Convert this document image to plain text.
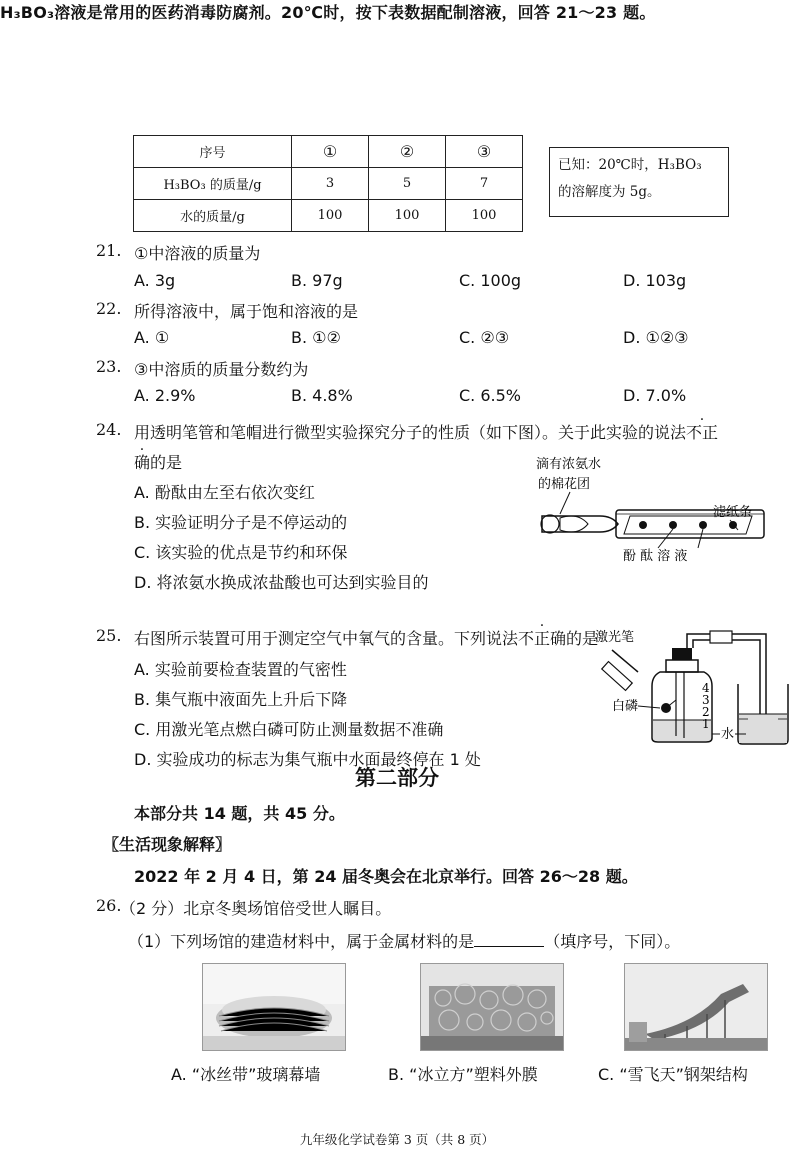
H₃BO₃溶液是常用的医药消毒防腐剂。20℃时，按下表数据配制溶液，回答 21～23 题。
序号	①	②	③
H₃BO₃ 的质量/g	3	5	7
水的质量/g	100	100	100
已知：20℃时，H₃BO₃
的溶解度为 5g。
21. ①中溶液的质量为
A. 3g	B. 97g	C. 100g	D. 103g
22. 所得溶液中，属于饱和溶液的是
A. ①	B. ①②	C. ②③	D. ①②③
23. ③中溶质的质量分数约为
A. 2.9%	B. 4.8%	C. 6.5%	D. 7.0%
24. 用透明笔管和笔帽进行微型实验探究分子的性质（如下图）。关于此实验的说法不正
确的是
A. 酚酞由左至右依次变红
B. 实验证明分子是不停运动的
C. 该实验的优点是节约和环保
D. 将浓氨水换成浓盐酸也可达到实验目的
滴有浓氨水
的棉花团
滤纸条
酚 酞 溶 液
25. 右图所示装置可用于测定空气中氧气的含量。下列说法不正确的是
A. 实验前要检查装置的气密性
B. 集气瓶中液面先上升后下降
C. 用激光笔点燃白磷可防止测量数据不准确
D. 实验成功的标志为集气瓶中水面最终停在 1 处
激光笔
4
3
2
1
白磷
水
第二部分
本部分共 14 题，共 45 分。
〖生活现象解释〗
2022 年 2 月 4 日，第 24 届冬奥会在北京举行。回答 26～28 题。
26.
（2 分）北京冬奥场馆倍受世人瞩目。
（1）下列场馆的建造材料中，属于金属材料的是	（填序号，下同）。
A. “冰丝带”玻璃幕墙	B. “冰立方”塑料外膜	C. “雪飞天”钢架结构
九年级化学试卷第 3 页（共 8 页）
